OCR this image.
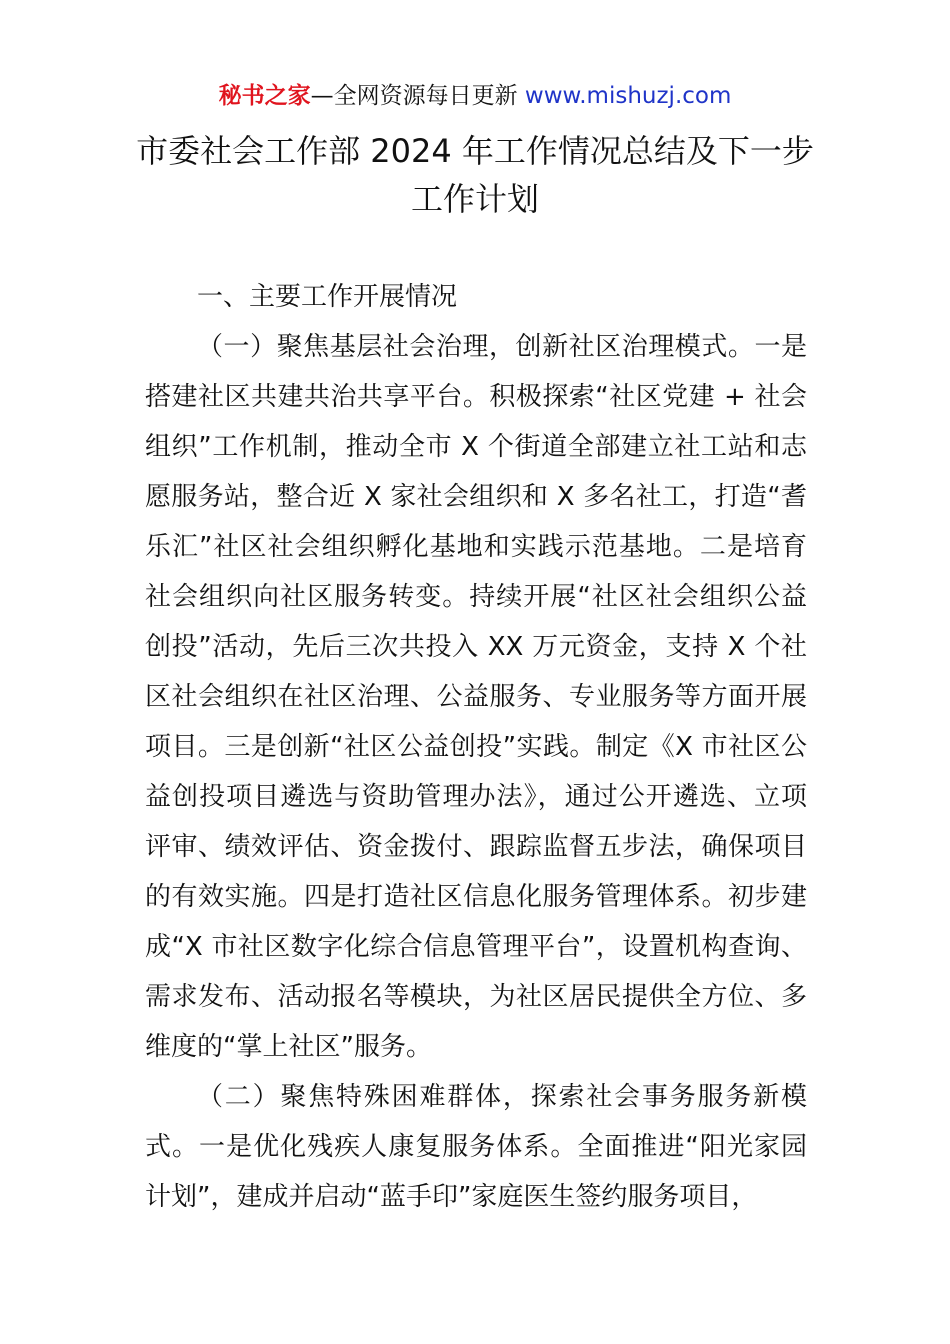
秘书之家—全网资源每日更新 www.mishuzj.com
市委社会工作部 2024 年工作情况总结及下一步
工作计划

一、主要工作开展情况

（一）聚焦基层社会治理，创新社区治理模式。一是搭建社区共建共治共享平台。积极探索“社区党建 + 社会组织”工作机制，推动全市 X 个街道全部建立社工站和志愿服务站，整合近 X 家社会组织和 X 多名社工，打造“耆乐汇”社区社会组织孵化基地和实践示范基地。二是培育社会组织向社区服务转变。持续开展“社区社会组织公益创投”活动，先后三次共投入 XX 万元资金，支持 X 个社区社会组织在社区治理、公益服务、专业服务等方面开展项目。三是创新“社区公益创投”实践。制定《X 市社区公益创投项目遴选与资助管理办法》，通过公开遴选、立项评审、绩效评估、资金拨付、跟踪监督五步法，确保项目的有效实施。四是打造社区信息化服务管理体系。初步建成“X 市社区数字化综合信息管理平台”，设置机构查询、需求发布、活动报名等模块，为社区居民提供全方位、多维度的“掌上社区”服务。

（二）聚焦特殊困难群体，探索社会事务服务新模式。一是优化残疾人康复服务体系。全面推进“阳光家园计划”，建成并启动“蓝手印”家庭医生签约服务项目，
